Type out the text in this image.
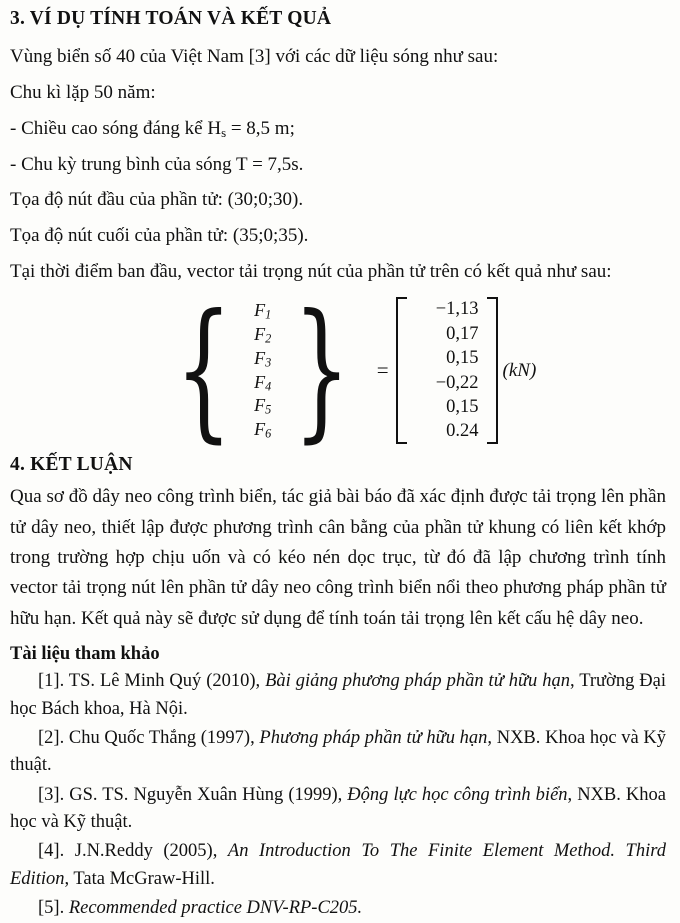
3. VÍ DỤ TÍNH TOÁN VÀ KẾT QUẢ

Vùng biển số 40 của Việt Nam [3] với các dữ liệu sóng như sau:

Chu kì lặp 50 năm:

- Chiều cao sóng đáng kể $H_s = 8,5$ m;

- Chu kỳ trung bình của sóng T = 7,5s.

Tọa độ nút đầu của phần tử: (30;0;30).

Tọa độ nút cuối của phần tử: (35;0;35).

Tại thời điểm ban đầu, vector tải trọng nút của phần tử trên có kết quả như sau:

{ $F_1$
$F_2$
$F_3$
$F_4$
$F_5$
$F_6$ }	=
−1,13
0,17
0,15
−0,22
0,15
0.24
(kN)
4. KẾT LUẬN

Qua sơ đồ dây neo công trình biển, tác giả bài báo đã xác định được tải trọng lên phần tử dây neo, thiết lập được phương trình cân bằng của phần tử khung có liên kết khớp trong trường hợp chịu uốn và có kéo nén dọc trục, từ đó đã lập chương trình tính vector tải trọng nút lên phần tử dây neo công trình biển nổi theo phương pháp phần tử hữu hạn. Kết quả này sẽ được sử dụng để tính toán tải trọng lên kết cấu hệ dây neo.

Tài liệu tham khảo

[1]. TS. Lê Minh Quý (2010), Bài giảng phương pháp phần tử hữu hạn, Trường Đại học Bách khoa, Hà Nội.

[2]. Chu Quốc Thắng (1997), Phương pháp phần tử hữu hạn, NXB. Khoa học và Kỹ thuật.

[3]. GS. TS. Nguyễn Xuân Hùng (1999), Động lực học công trình biển, NXB. Khoa học và Kỹ thuật.

[4]. J.N.Reddy (2005), An Introduction To The Finite Element Method. Third Edition, Tata McGraw-Hill.

[5]. Recommended practice DNV-RP-C205.
